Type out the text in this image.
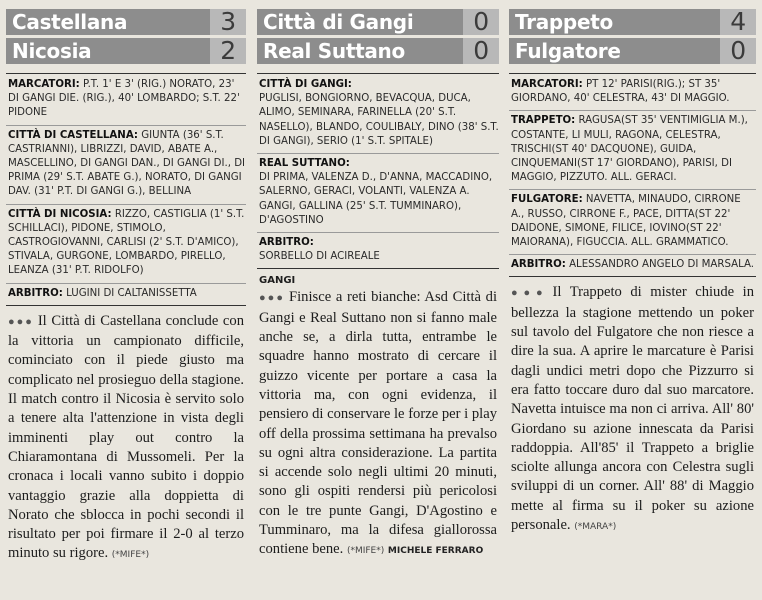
Castellana	3
Nicosia	2
MARCATORI: P.T. 1' E 3' (RIG.) NORATO, 23' DI GANGI DIE. (RIG.), 40' LOMBARDO; S.T. 22' PIDONE
CITTÀ DI CASTELLANA: GIUNTA (36' S.T. CASTRIANNI), LIBRIZZI, DAVID, ABATE A., MASCELLINO, DI GANGI DAN., DI GANGI DI., DI PRIMA (29' S.T. ABATE G.), NORATO, DI GANGI DAV. (31' P.T. DI GANGI G.), BELLINA
CITTÀ DI NICOSIA: RIZZO, CASTIGLIA (1' S.T. SCHILLACI), PIDONE, STIMOLO, CASTROGIOVANNI, CARLISI (2' S.T. D'AMICO), STIVALA, GURGONE, LOMBARDO, PIRELLO, LEANZA (31' P.T. RIDOLFO)
ARBITRO: LUGINI DI CALTANISSETTA
●●● Il Città di Castellana conclude con la vittoria un campionato difficile, cominciato con il piede giusto ma complicato nel prosieguo della stagione. Il match contro il Nicosia è servito solo a tenere alta l'attenzione in vista degli imminenti play out contro la Chiaramontana di Mussomeli. Per la cronaca i locali vanno subito i doppio vantaggio grazie alla doppietta di Norato che sblocca in pochi secondi il risultato per poi firmare il 2-0 al terzo minuto su rigore. (*MIFE*)
Città di Gangi	0
Real Suttano	0
CITTÀ DI GANGI:
PUGLISI, BONGIORNO, BEVACQUA, DUCA, ALIMO, SEMINARA, FARINELLA (20' S.T. NASELLO), BLANDO, COULIBALY, DINO (38' S.T. DI GANGI), SERIO (1' S.T. SPITALE)
REAL SUTTANO:
DI PRIMA, VALENZA D., D'ANNA, MACCADINO, SALERNO, GERACI, VOLANTI, VALENZA A. GANGI, GALLINA (25' S.T. TUMMINARO), D'AGOSTINO
ARBITRO:
SORBELLO DI ACIREALE
GANGI
●●● Finisce a reti bianche: Asd Città di Gangi e Real Suttano non si fanno male anche se, a dirla tutta, entrambe le squadre hanno mostrato di cercare il guizzo vicente per portare a casa la vittoria ma, con ogni evidenza, il pensiero di conservare le forze per i play off della prossima settimana ha prevalso su ogni altra considerazione. La partita si accende solo negli ultimi 20 minuti, sono gli ospiti rendersi più pericolosi con le tre punte Gangi, D'Agostino e Tumminaro, ma la difesa giallorossa contiene bene. (*MIFE*) MICHELE FERRARO
Trappeto	4
Fulgatore	0
MARCATORI: PT 12' PARISI(RIG.); ST 35' GIORDANO, 40' CELESTRA, 43' DI MAGGIO.
TRAPPETO: RAGUSA(ST 35' VENTIMIGLIA M.), COSTANTE, LI MULI, RAGONA, CELESTRA, TRISCHI(ST 40' DACQUONE), GUIDA, CINQUEMANI(ST 17' GIORDANO), PARISI, DI MAGGIO, PIZZUTO. ALL. GERACI.
FULGATORE: NAVETTA, MINAUDO, CIRRONE A., RUSSO, CIRRONE F., PACE, DITTA(ST 22' DAIDONE, SIMONE, FILICE, IOVINO(ST 22' MAIORANA), FIGUCCIA. ALL. GRAMMATICO.
ARBITRO: ALESSANDRO ANGELO DI MARSALA.
●●● Il Trappeto di mister chiude in bellezza la stagione mettendo un poker sul tavolo del Fulgatore che non riesce a dire la sua. A aprire le marcature è Parisi dagli undici metri dopo che Pizzurro si era fatto toccare duro dal suo marcatore. Navetta intuisce ma non ci arriva. All' 80' Giordano su azione innescata da Parisi raddoppia. All'85' il Trappeto a briglie sciolte allunga ancora con Celestra sugli sviluppi di un corner. All' 88' di Maggio mette al firma su il poker su azione personale. (*MARA*)
